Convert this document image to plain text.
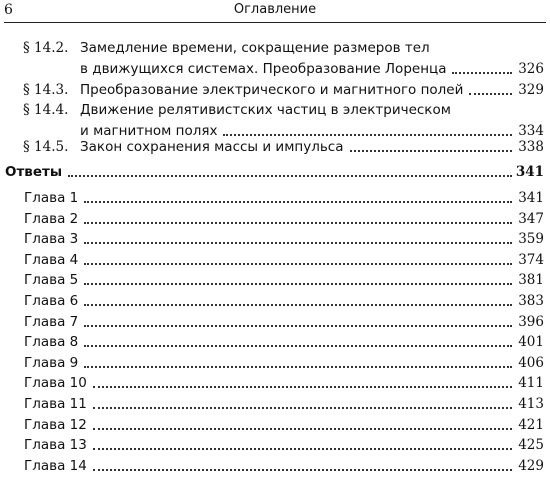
6	Оглавление
§ 14.2. Замедление времени, сокращение размеров тел
в движущихся системах. Преобразование Лоренца	326
§ 14.3. Преобразование электрического и магнитного полей	329
§ 14.4. Движение релятивистских частиц в электрическом
и магнитном полях	334
§ 14.5. Закон сохранения массы и импульса	338
Ответы	341
Глава 1	341
Глава 2	347
Глава 3	359
Глава 4	374
Глава 5	381
Глава 6	383
Глава 7	396
Глава 8	401
Глава 9	406
Глава 10	411
Глава 11	413
Глава 12	421
Глава 13	425
Глава 14	429
